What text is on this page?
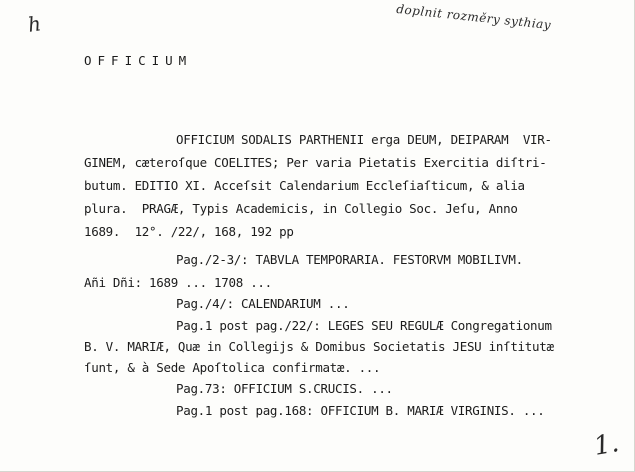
h	doplnit rozměry sythiay
OFFICIUM

OFFICIUM SODALIS PARTHENII erga DEUM, DEIPARAM  VIR-

GINEM, cæteroſque COELITES; Per varia Pietatis Exercitia diſtri-

butum. EDITIO XI. Acceſsit Calendarium Eccleſiaſticum, & alia

plura.  PRAGÆ, Typis Academicis, in Collegio Soc. Jeſu, Anno

1689.  12°. /22/, 168, 192 pp

Pag./2-3/: TABVLA TEMPORARIA. FESTORVM MOBILIVM.

Añi Dñi: 1689 ... 1708 ...

Pag./4/: CALENDARIUM ...

Pag.1 post pag./22/: LEGES SEU REGULÆ Congregationum

B. V. MARIÆ, Quæ in Collegijs & Domibus Societatis JESU inſtitutæ

ſunt, & à Sede Apoſtolica confirmatæ. ...

Pag.73: OFFICIUM S.CRUCIS. ...

Pag.1 post pag.168: OFFICIUM B. MARIÆ VIRGINIS. ...

1.
